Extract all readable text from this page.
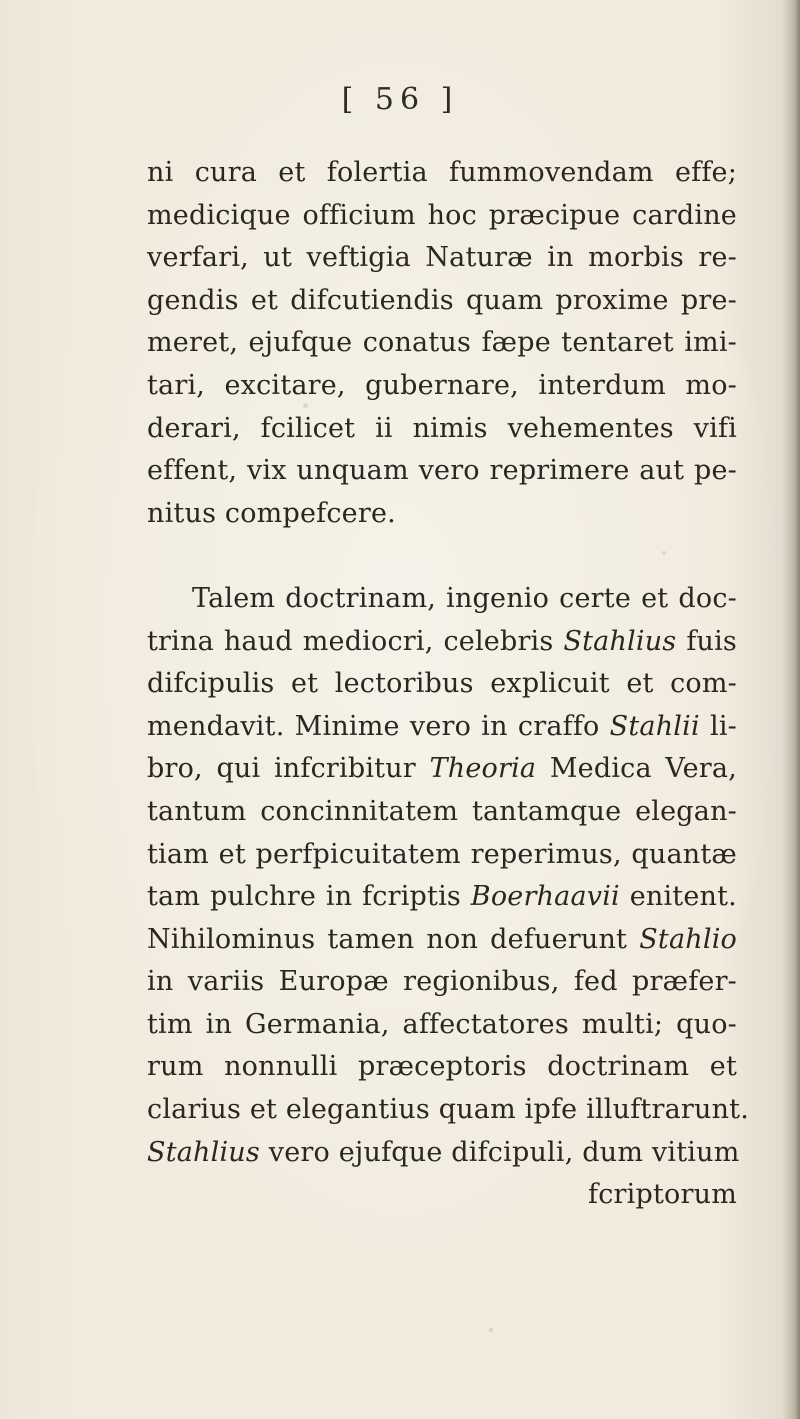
[ 56 ]
ni cura et folertia fummovendam effe;
medicique officium hoc præcipue cardine
verfari, ut veftigia Naturæ in morbis re-
gendis et difcutiendis quam proxime pre-
meret, ejufque conatus fæpe tentaret imi-
tari, excitare, gubernare, interdum mo-
derari, fcilicet ii nimis vehementes vifi
effent, vix unquam vero reprimere aut pe-
nitus compefcere.
Talem doctrinam, ingenio certe et doc-
trina haud mediocri, celebris Stahlius fuis
difcipulis et lectoribus explicuit et com-
mendavit. Minime vero in craffo Stahlii li-
bro, qui infcribitur Theoria Medica Vera,
tantum concinnitatem tantamque elegan-
tiam et perfpicuitatem reperimus, quantæ
tam pulchre in fcriptis Boerhaavii enitent.
Nihilominus tamen non defuerunt Stahlio
in variis Europæ regionibus, fed præfer-
tim in Germania, affectatores multi; quo-
rum nonnulli præceptoris doctrinam et
clarius et elegantius quam ipfe illuftrarunt.
Stahlius vero ejufque difcipuli, dum vitium
fcriptorum
